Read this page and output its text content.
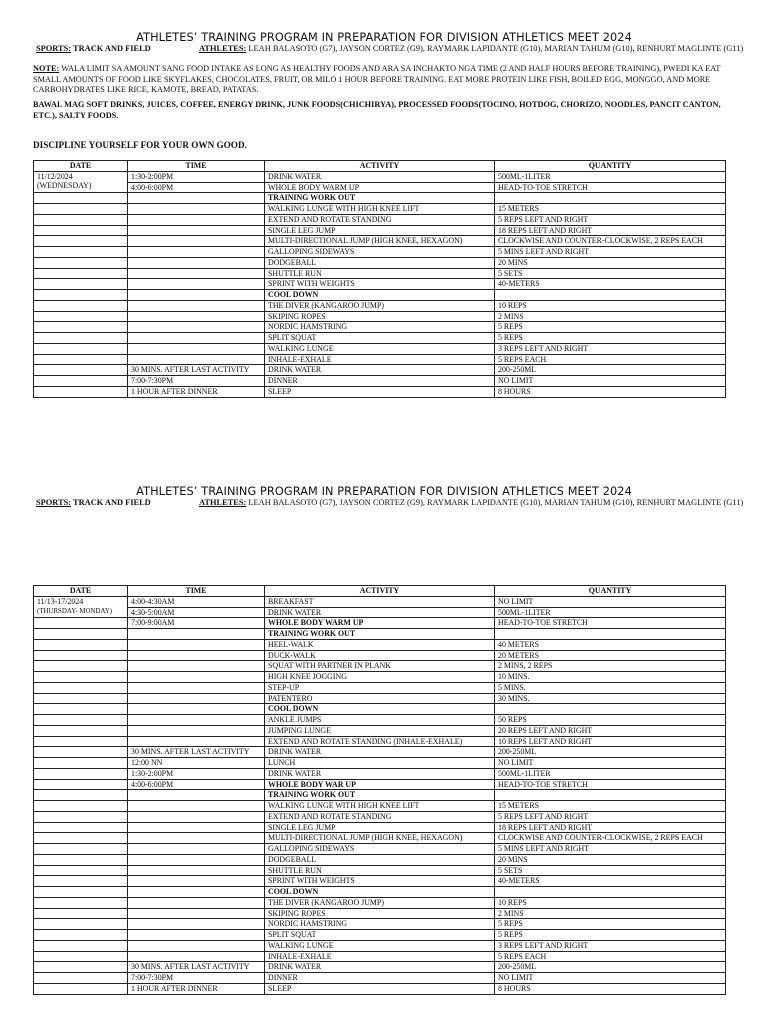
ATHLETES’ TRAINING PROGRAM IN PREPARATION FOR DIVISION ATHLETICS MEET 2024
SPORTS: TRACK AND FIELD	ATHLETES: LEAH BALASOTO (G7), JAYSON CORTEZ (G9), RAYMARK LAPIDANTE (G10), MARIAN TAHUM (G10), RENHURT MAGLINTE (G11)
NOTE: WALA LIMIT SA AMOUNT SANG FOOD INTAKE AS LONG AS HEALTHY FOODS AND ARA SA INCHAKTO NGA TIME (2 AND HALF HOURS BEFORE TRAINING), PWEDI KA EAT SMALL AMOUNTS OF FOOD LIKE SKYFLAKES, CHOCOLATES, FRUIT, OR MILO 1 HOUR BEFORE TRAINING. EAT MORE PROTEIN LIKE FISH, BOILED EGG, MONGGO, AND MORE CARBOHYDRATES LIKE RICE, KAMOTE, BREAD, PATATAS.
BAWAL MAG SOFT DRINKS, JUICES, COFFEE, ENERGY DRINK, JUNK FOODS(CHICHIRYA), PROCESSED FOODS(TOCINO, HOTDOG, CHORIZO, NOODLES, PANCIT CANTON, ETC.), SALTY FOODS.
DISCIPLINE YOURSELF FOR YOUR OWN GOOD.
DATE	TIME	ACTIVITY	QUANTITY
11/12/2024
(WEDNESDAY)	1:30-2:00PM	DRINK WATER	500ML-1LITER
	4:00-6:00PM	WHOLE BODY WARM UP	HEAD-TO-TOE STRETCH
		TRAINING WORK OUT	
		WALKING LUNGE WITH HIGH KNEE LIFT	15 METERS
		EXTEND AND ROTATE STANDING	5 REPS LEFT AND RIGHT
		SINGLE LEG JUMP	18 REPS LEFT AND RIGHT
		MULTI-DIRECTIONAL JUMP (HIGH KNEE, HEXAGON)	CLOCKWISE AND COUNTER-CLOCKWISE, 2 REPS EACH
		GALLOPING SIDEWAYS	5 MINS LEFT AND RIGHT
		DODGEBALL	20 MINS
		SHUTTLE RUN	5 SETS
		SPRINT WITH WEIGHTS	40-METERS
		COOL DOWN	
		THE DIVER (KANGAROO JUMP)	10 REPS
		SKIPING ROPES	2 MINS
		NORDIC HAMSTRING	5 REPS
		SPLIT SQUAT	5 REPS
		WALKING LUNGE	3 REPS LEFT AND RIGHT
		INHALE-EXHALE	5 REPS EACH
	30 MINS. AFTER LAST ACTIVITY	DRINK WATER	200-250ML
	7:00-7:30PM	DINNER	NO LIMIT
	1 HOUR AFTER DINNER	SLEEP	8 HOURS
ATHLETES’ TRAINING PROGRAM IN PREPARATION FOR DIVISION ATHLETICS MEET 2024
SPORTS: TRACK AND FIELD	ATHLETES: LEAH BALASOTO (G7), JAYSON CORTEZ (G9), RAYMARK LAPIDANTE (G10), MARIAN TAHUM (G10), RENHURT MAGLINTE (G11)
DATE	TIME	ACTIVITY	QUANTITY
11/13-17/2024
(THURSDAY- MONDAY)	4:00-4:30AM	BREAKFAST	NO LIMIT
	4:30-5:00AM	DRINK WATER	500ML-1LITER
	7:00-9:00AM	WHOLE BODY WARM UP	HEAD-TO-TOE STRETCH
		TRAINING WORK OUT	
		HEEL-WALK	40 METERS
		DUCK-WALK	20 METERS
		SQUAT WITH PARTNER IN PLANK	2 MINS, 2 REPS
		HIGH KNEE JOGGING	10 MINS.
		STEP-UP	5 MINS.
		PATENTERO	30 MINS.
		COOL DOWN	
		ANKLE JUMPS	50 REPS
		JUMPING LUNGE	20 REPS LEFT AND RIGHT
		EXTEND AND ROTATE STANDING (INHALE-EXHALE)	10 REPS LEFT AND RIGHT
	30 MINS. AFTER LAST ACTIVITY	DRINK WATER	200-250ML
	12:00 NN	LUNCH	NO LIMIT
	1:30-2:00PM	DRINK WATER	500ML-1LITER
	4:00-6:00PM	WHOLE BODY WAR UP	HEAD-TO-TOE STRETCH
		TRAINING WORK OUT	
		WALKING LUNGE WITH HIGH KNEE LIFT	15 METERS
		EXTEND AND ROTATE STANDING	5 REPS LEFT AND RIGHT
		SINGLE LEG JUMP	18 REPS LEFT AND RIGHT
		MULTI-DIRECTIONAL JUMP (HIGH KNEE, HEXAGON)	CLOCKWISE AND COUNTER-CLOCKWISE, 2 REPS EACH
		GALLOPING SIDEWAYS	5 MINS LEFT AND RIGHT
		DODGEBALL	20 MINS
		SHUTTLE RUN	5 SETS
		SPRINT WITH WEIGHTS	40-METERS
		COOL DOWN	
		THE DIVER (KANGAROO JUMP)	10 REPS
		SKIPING ROPES	2 MINS
		NORDIC HAMSTRING	5 REPS
		SPLIT SQUAT	5 REPS
		WALKING LUNGE	3 REPS LEFT AND RIGHT
		INHALE-EXHALE	5 REPS EACH
	30 MINS. AFTER LAST ACTIVITY	DRINK WATER	200-250ML
	7:00-7:30PM	DINNER	NO LIMIT
	1 HOUR AFTER DINNER	SLEEP	8 HOURS
